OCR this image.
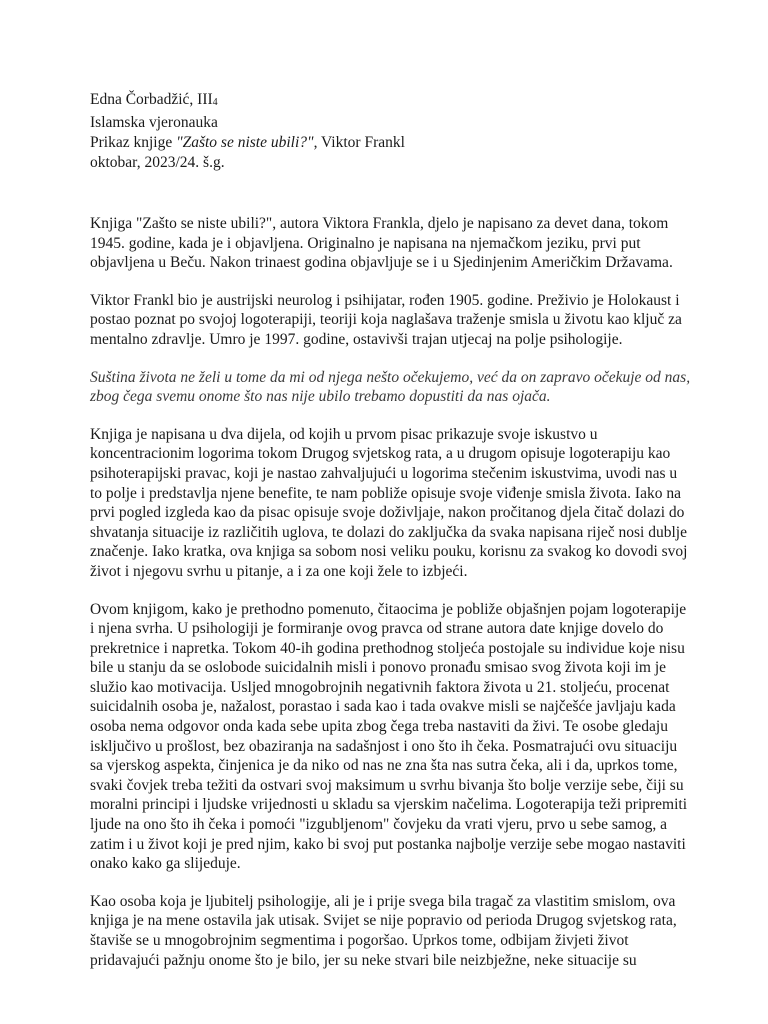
Edna Čorbadžić, $III_4$
Islamska vjeronauka
Prikaz knjige "Zašto se niste ubili?", Viktor Frankl
oktobar, 2023/24. š.g.

Knjiga "Zašto se niste ubili?", autora Viktora Frankla, djelo je napisano za devet dana, tokom 1945. godine, kada je i objavljena. Originalno je napisana na njemačkom jeziku, prvi put objavljena u Beču. Nakon trinaest godina objavljuje se i u Sjedinjenim Američkim Državama.

Viktor Frankl bio je austrijski neurolog i psihijatar, rođen 1905. godine. Preživio je Holokaust i postao poznat po svojoj logoterapiji, teoriji koja naglašava traženje smisla u životu kao ključ za mentalno zdravlje. Umro je 1997. godine, ostavivši trajan utjecaj na polje psihologije.

Suština života ne želi u tome da mi od njega nešto očekujemo, već da on zapravo očekuje od nas, zbog čega svemu onome što nas nije ubilo trebamo dopustiti da nas ojača.

Knjiga je napisana u dva dijela, od kojih u prvom pisac prikazuje svoje iskustvo u koncentracionim logorima tokom Drugog svjetskog rata, a u drugom opisuje logoterapiju kao psihoterapijski pravac, koji je nastao zahvaljujući u logorima stečenim iskustvima, uvodi nas u to polje i predstavlja njene benefite, te nam pobliže opisuje svoje viđenje smisla života. Iako na prvi pogled izgleda kao da pisac opisuje svoje doživljaje, nakon pročitanog djela čitač dolazi do shvatanja situacije iz različitih uglova, te dolazi do zaključka da svaka napisana riječ nosi dublje značenje. Iako kratka, ova knjiga sa sobom nosi veliku pouku, korisnu za svakog ko dovodi svoj život i njegovu svrhu u pitanje, a i za one koji žele to izbjeći.

Ovom knjigom, kako je prethodno pomenuto, čitaocima je pobliže objašnjen pojam logoterapije i njena svrha. U psihologiji je formiranje ovog pravca od strane autora date knjige dovelo do prekretnice i napretka. Tokom 40-ih godina prethodnog stoljeća postojale su individue koje nisu bile u stanju da se oslobode suicidalnih misli i ponovo pronađu smisao svog života koji im je služio kao motivacija. Usljed mnogobrojnih negativnih faktora života u 21. stoljeću, procenat suicidalnih osoba je, nažalost, porastao i sada kao i tada ovakve misli se najčešće javljaju kada osoba nema odgovor onda kada sebe upita zbog čega treba nastaviti da živi. Te osobe gledaju isključivo u prošlost, bez obaziranja na sadašnjost i ono što ih čeka. Posmatrajući ovu situaciju sa vjerskog aspekta, činjenica je da niko od nas ne zna šta nas sutra čeka, ali i da, uprkos tome, svaki čovjek treba težiti da ostvari svoj maksimum u svrhu bivanja što bolje verzije sebe, čiji su moralni principi i ljudske vrijednosti u skladu sa vjerskim načelima. Logoterapija teži pripremiti ljude na ono što ih čeka i pomoći "izgubljenom" čovjeku da vrati vjeru, prvo u sebe samog, a zatim i u život koji je pred njim, kako bi svoj put postanka najbolje verzije sebe mogao nastaviti onako kako ga slijeduje.

Kao osoba koja je ljubitelj psihologije, ali je i prije svega bila tragač za vlastitim smislom, ova knjiga je na mene ostavila jak utisak. Svijet se nije popravio od perioda Drugog svjetskog rata, štaviše se u mnogobrojnim segmentima i pogoršao. Uprkos tome, odbijam živjeti život pridavajući pažnju onome što je bilo, jer su neke stvari bile neizbježne, neke situacije su
